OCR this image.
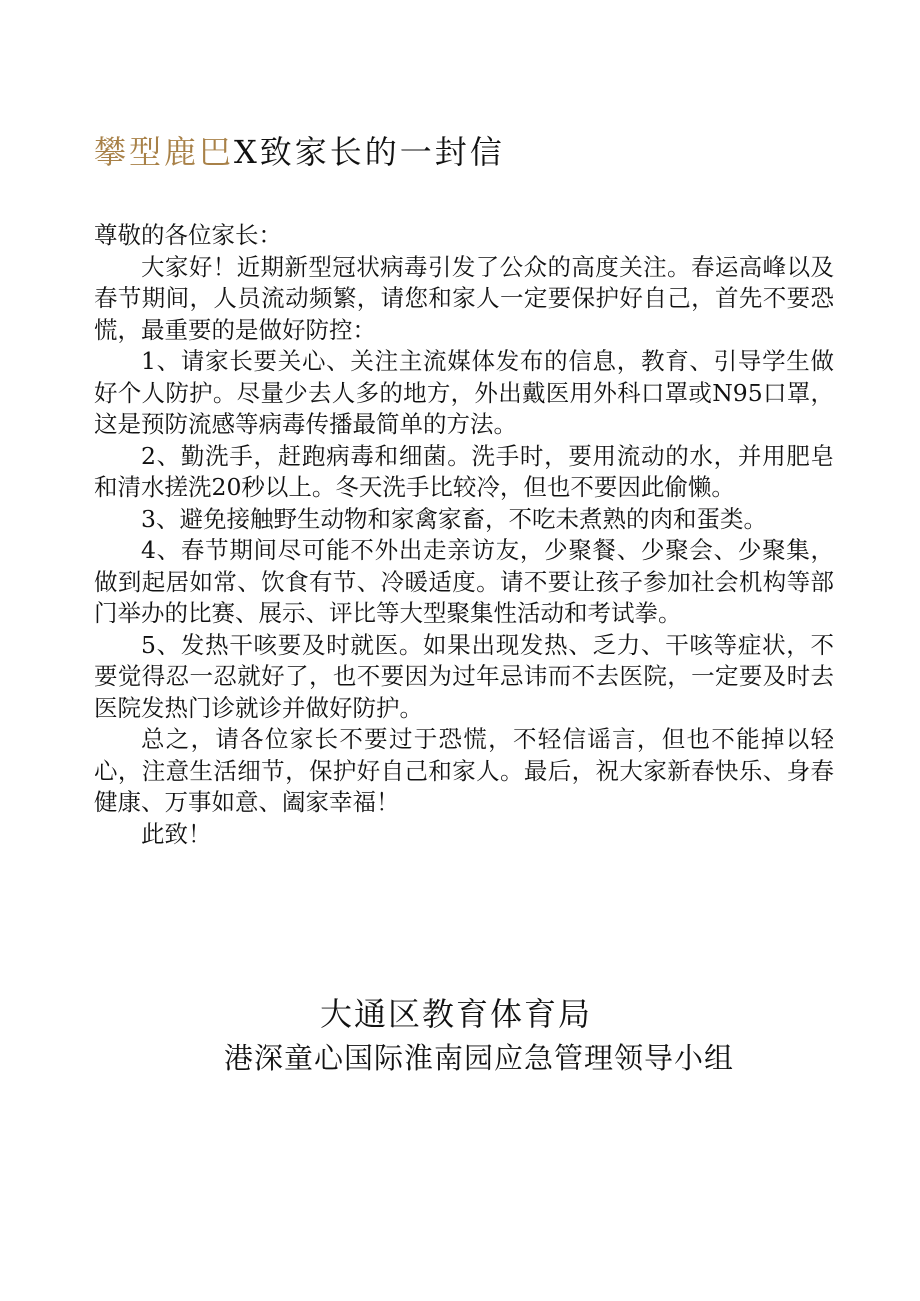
攀型鹿巴X致家长的一封信

尊敬的各位家长：

大家好！近期新型冠状病毒引发了公众的高度关注。春运高峰以及春节期间，人员流动频繁，请您和家人一定要保护好自己，首先不要恐慌，最重要的是做好防控：

1、请家长要关心、关注主流媒体发布的信息，教育、引导学生做好个人防护。尽量少去人多的地方，外出戴医用外科口罩或N95口罩，这是预防流感等病毒传播最简单的方法。

2、勤洗手，赶跑病毒和细菌。洗手时，要用流动的水，并用肥皂和清水搓洗20秒以上。冬天洗手比较冷，但也不要因此偷懒。

3、避免接触野生动物和家禽家畜，不吃未煮熟的肉和蛋类。

4、春节期间尽可能不外出走亲访友，少聚餐、少聚会、少聚集，做到起居如常、饮食有节、冷暖适度。请不要让孩子参加社会机构等部门举办的比赛、展示、评比等大型聚集性活动和考试拳。

5、发热干咳要及时就医。如果出现发热、乏力、干咳等症状，不要觉得忍一忍就好了，也不要因为过年忌讳而不去医院，一定要及时去医院发热门诊就诊并做好防护。

总之，请各位家长不要过于恐慌，不轻信谣言，但也不能掉以轻心，注意生活细节，保护好自己和家人。最后，祝大家新春快乐、身春健康、万事如意、阖家幸福！

此致！

大通区教育体育局
港深童心国际淮南园应急管理领导小组
